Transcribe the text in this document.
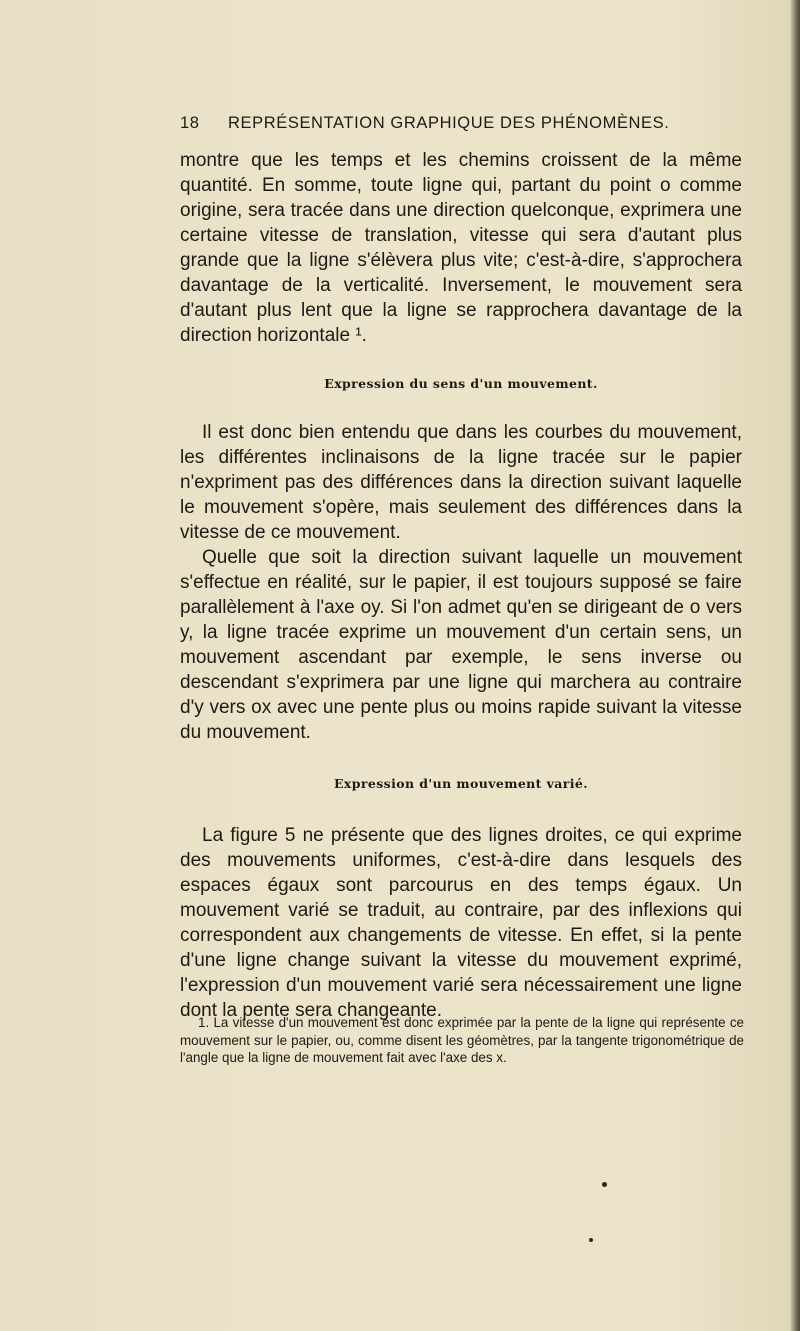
18 REPRÉSENTATION GRAPHIQUE DES PHÉNOMÈNES.

montre que les temps et les chemins croissent de la même quantité. En somme, toute ligne qui, partant du point o comme origine, sera tracée dans une direction quelconque, exprimera une certaine vitesse de translation, vitesse qui sera d'autant plus grande que la ligne s'élèvera plus vite; c'est-à-dire, s'approchera davantage de la verticalité. Inversement, le mouvement sera d'autant plus lent que la ligne se rapprochera davantage de la direction horizontale ¹.

Expression du sens d'un mouvement.

Il est donc bien entendu que dans les courbes du mouvement, les différentes inclinaisons de la ligne tracée sur le papier n'expriment pas des différences dans la direction suivant laquelle le mouvement s'opère, mais seulement des différences dans la vitesse de ce mouvement.

Quelle que soit la direction suivant laquelle un mouvement s'effectue en réalité, sur le papier, il est toujours supposé se faire parallèlement à l'axe oy. Si l'on admet qu'en se dirigeant de o vers y, la ligne tracée exprime un mouvement d'un certain sens, un mouvement ascendant par exemple, le sens inverse ou descendant s'exprimera par une ligne qui marchera au contraire d'y vers ox avec une pente plus ou moins rapide suivant la vitesse du mouvement.

Expression d'un mouvement varié.

La figure 5 ne présente que des lignes droites, ce qui exprime des mouvements uniformes, c'est-à-dire dans lesquels des espaces égaux sont parcourus en des temps égaux. Un mouvement varié se traduit, au contraire, par des inflexions qui correspondent aux changements de vitesse. En effet, si la pente d'une ligne change suivant la vitesse du mouvement exprimé, l'expression d'un mouvement varié sera nécessairement une ligne dont la pente sera changeante.

1. La vitesse d'un mouvement est donc exprimée par la pente de la ligne qui représente ce mouvement sur le papier, ou, comme disent les géomètres, par la tangente trigonométrique de l'angle que la ligne de mouvement fait avec l'axe des x.
